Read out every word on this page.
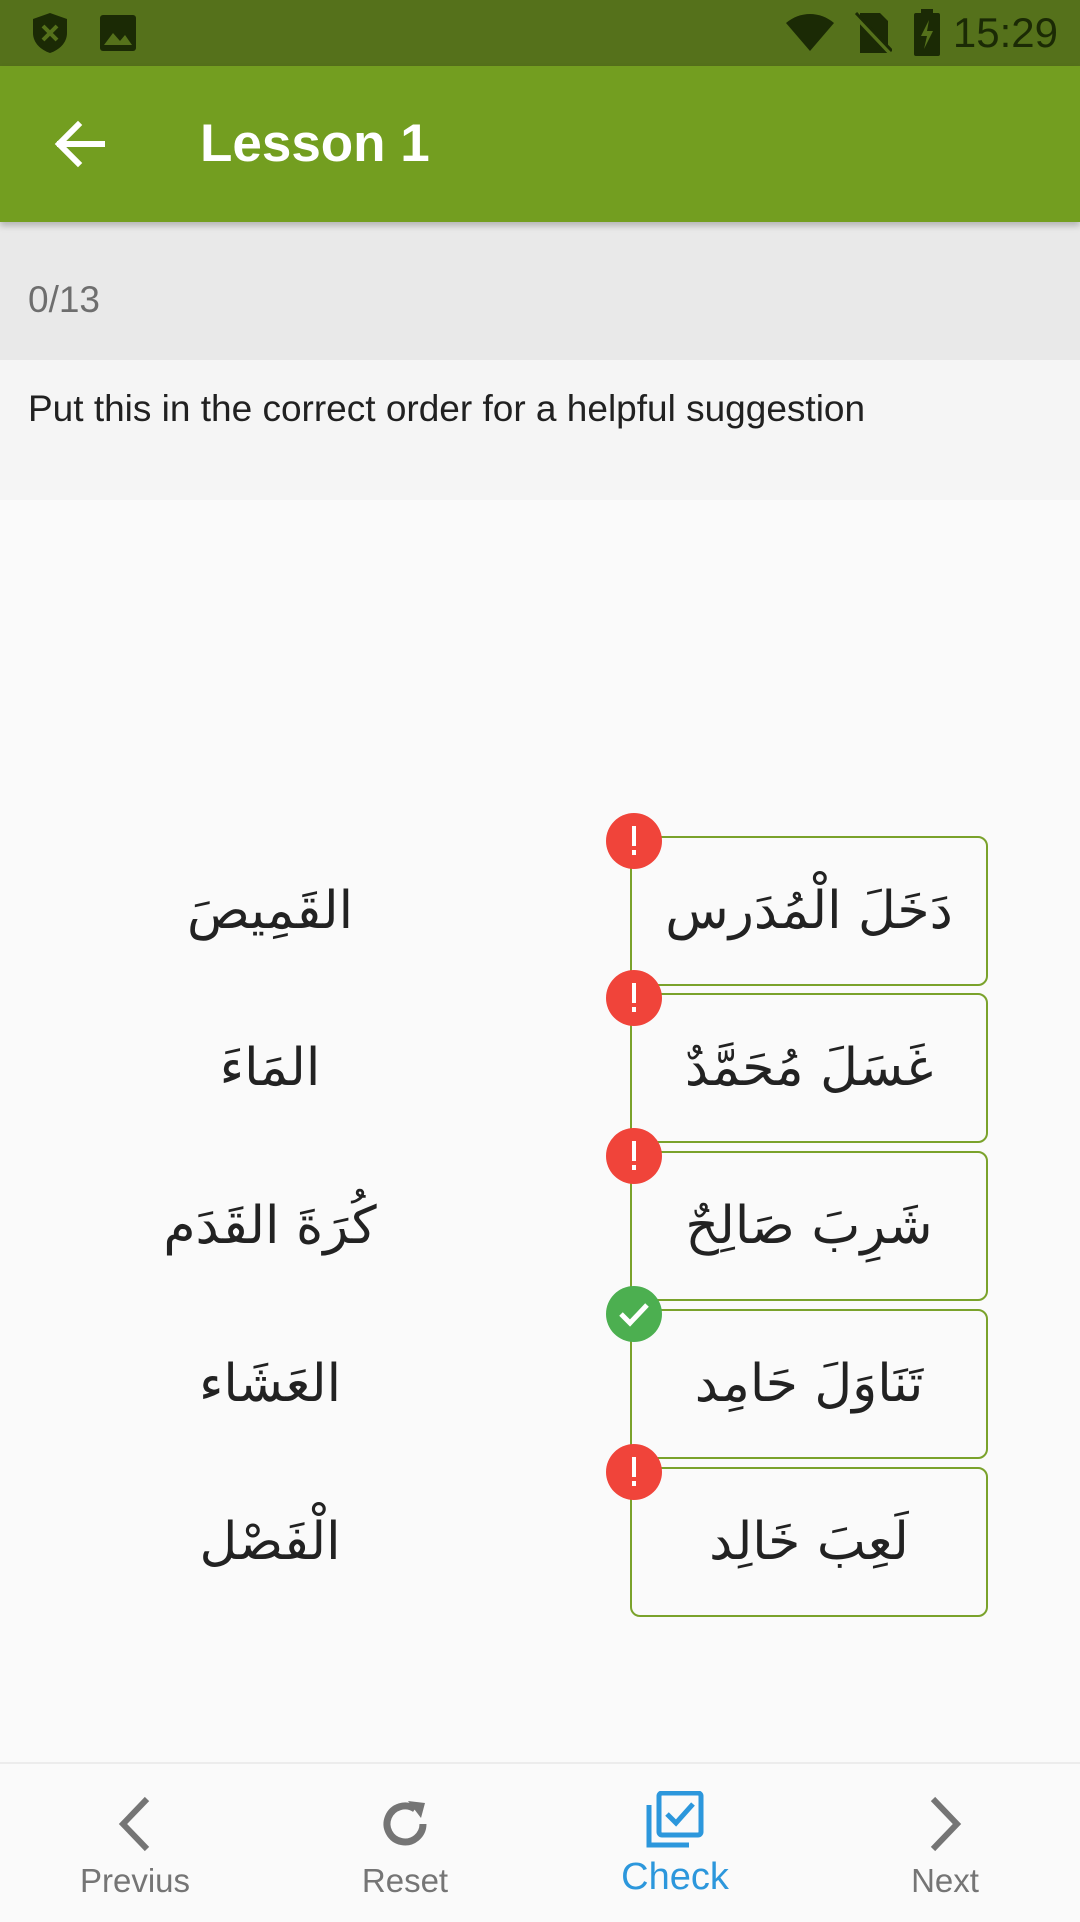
15:29
Lesson 1
0/13
Put this in the correct order for a helpful suggestion
القَمِيصَ	دَخَلَ الْمُدَرس
المَاءَ	غَسَلَ مُحَمَّدٌ
كُرَةَ القَدَم	شَرِبَ صَالِحٌ
العَشَاء	تَنَاوَلَ حَامِد
الْفَصْل	لَعِبَ خَالِد
Previus	Reset	Check	Next
